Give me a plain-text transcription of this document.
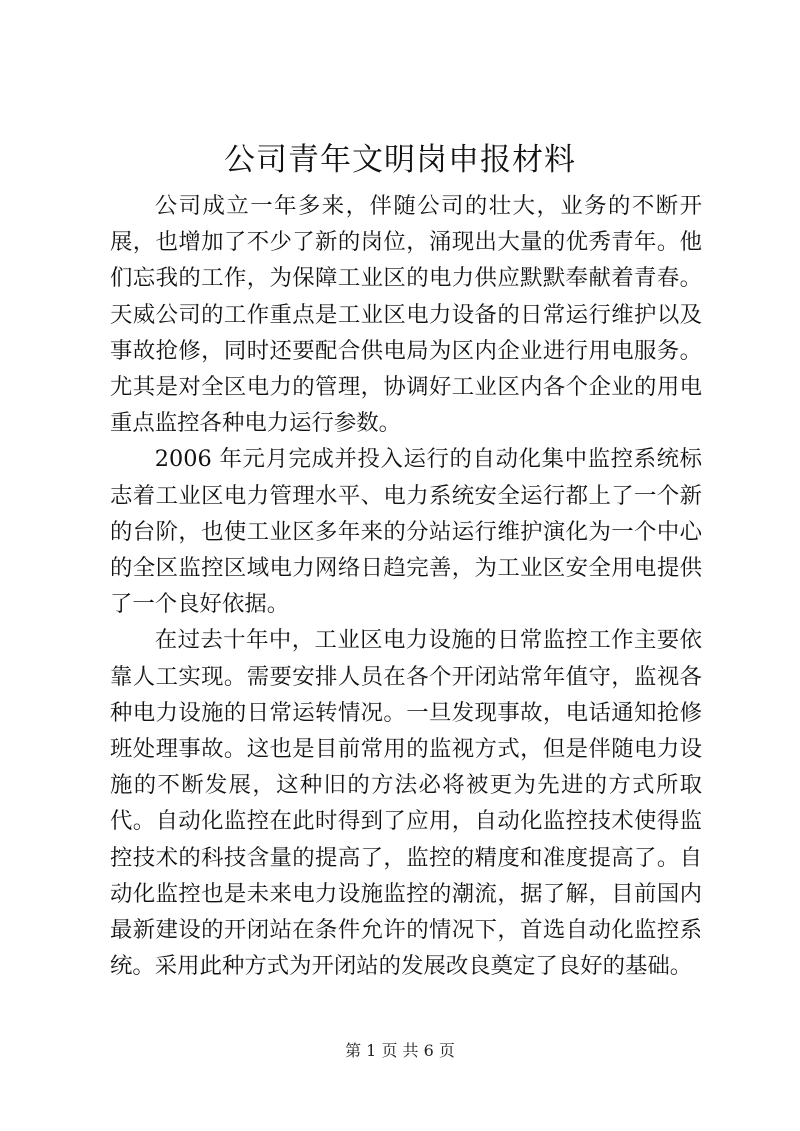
公司青年文明岗申报材料

公司成立一年多来，伴随公司的壮大，业务的不断开展，也增加了不少了新的岗位，涌现出大量的优秀青年。他们忘我的工作，为保障工业区的电力供应默默奉献着青春。天威公司的工作重点是工业区电力设备的日常运行维护以及事故抢修，同时还要配合供电局为区内企业进行用电服务。尤其是对全区电力的管理，协调好工业区内各个企业的用电重点监控各种电力运行参数。

2006 年元月完成并投入运行的自动化集中监控系统标志着工业区电力管理水平、电力系统安全运行都上了一个新的台阶，也使工业区多年来的分站运行维护演化为一个中心的全区监控区域电力网络日趋完善，为工业区安全用电提供了一个良好依据。

在过去十年中，工业区电力设施的日常监控工作主要依靠人工实现。需要安排人员在各个开闭站常年值守，监视各种电力设施的日常运转情况。一旦发现事故，电话通知抢修班处理事故。这也是目前常用的监视方式，但是伴随电力设施的不断发展，这种旧的方法必将被更为先进的方式所取代。自动化监控在此时得到了应用，自动化监控技术使得监控技术的科技含量的提高了，监控的精度和准度提高了。自动化监控也是未来电力设施监控的潮流，据了解，目前国内最新建设的开闭站在条件允许的情况下，首选自动化监控系统。采用此种方式为开闭站的发展改良奠定了良好的基础。

第 1 页 共 6 页
